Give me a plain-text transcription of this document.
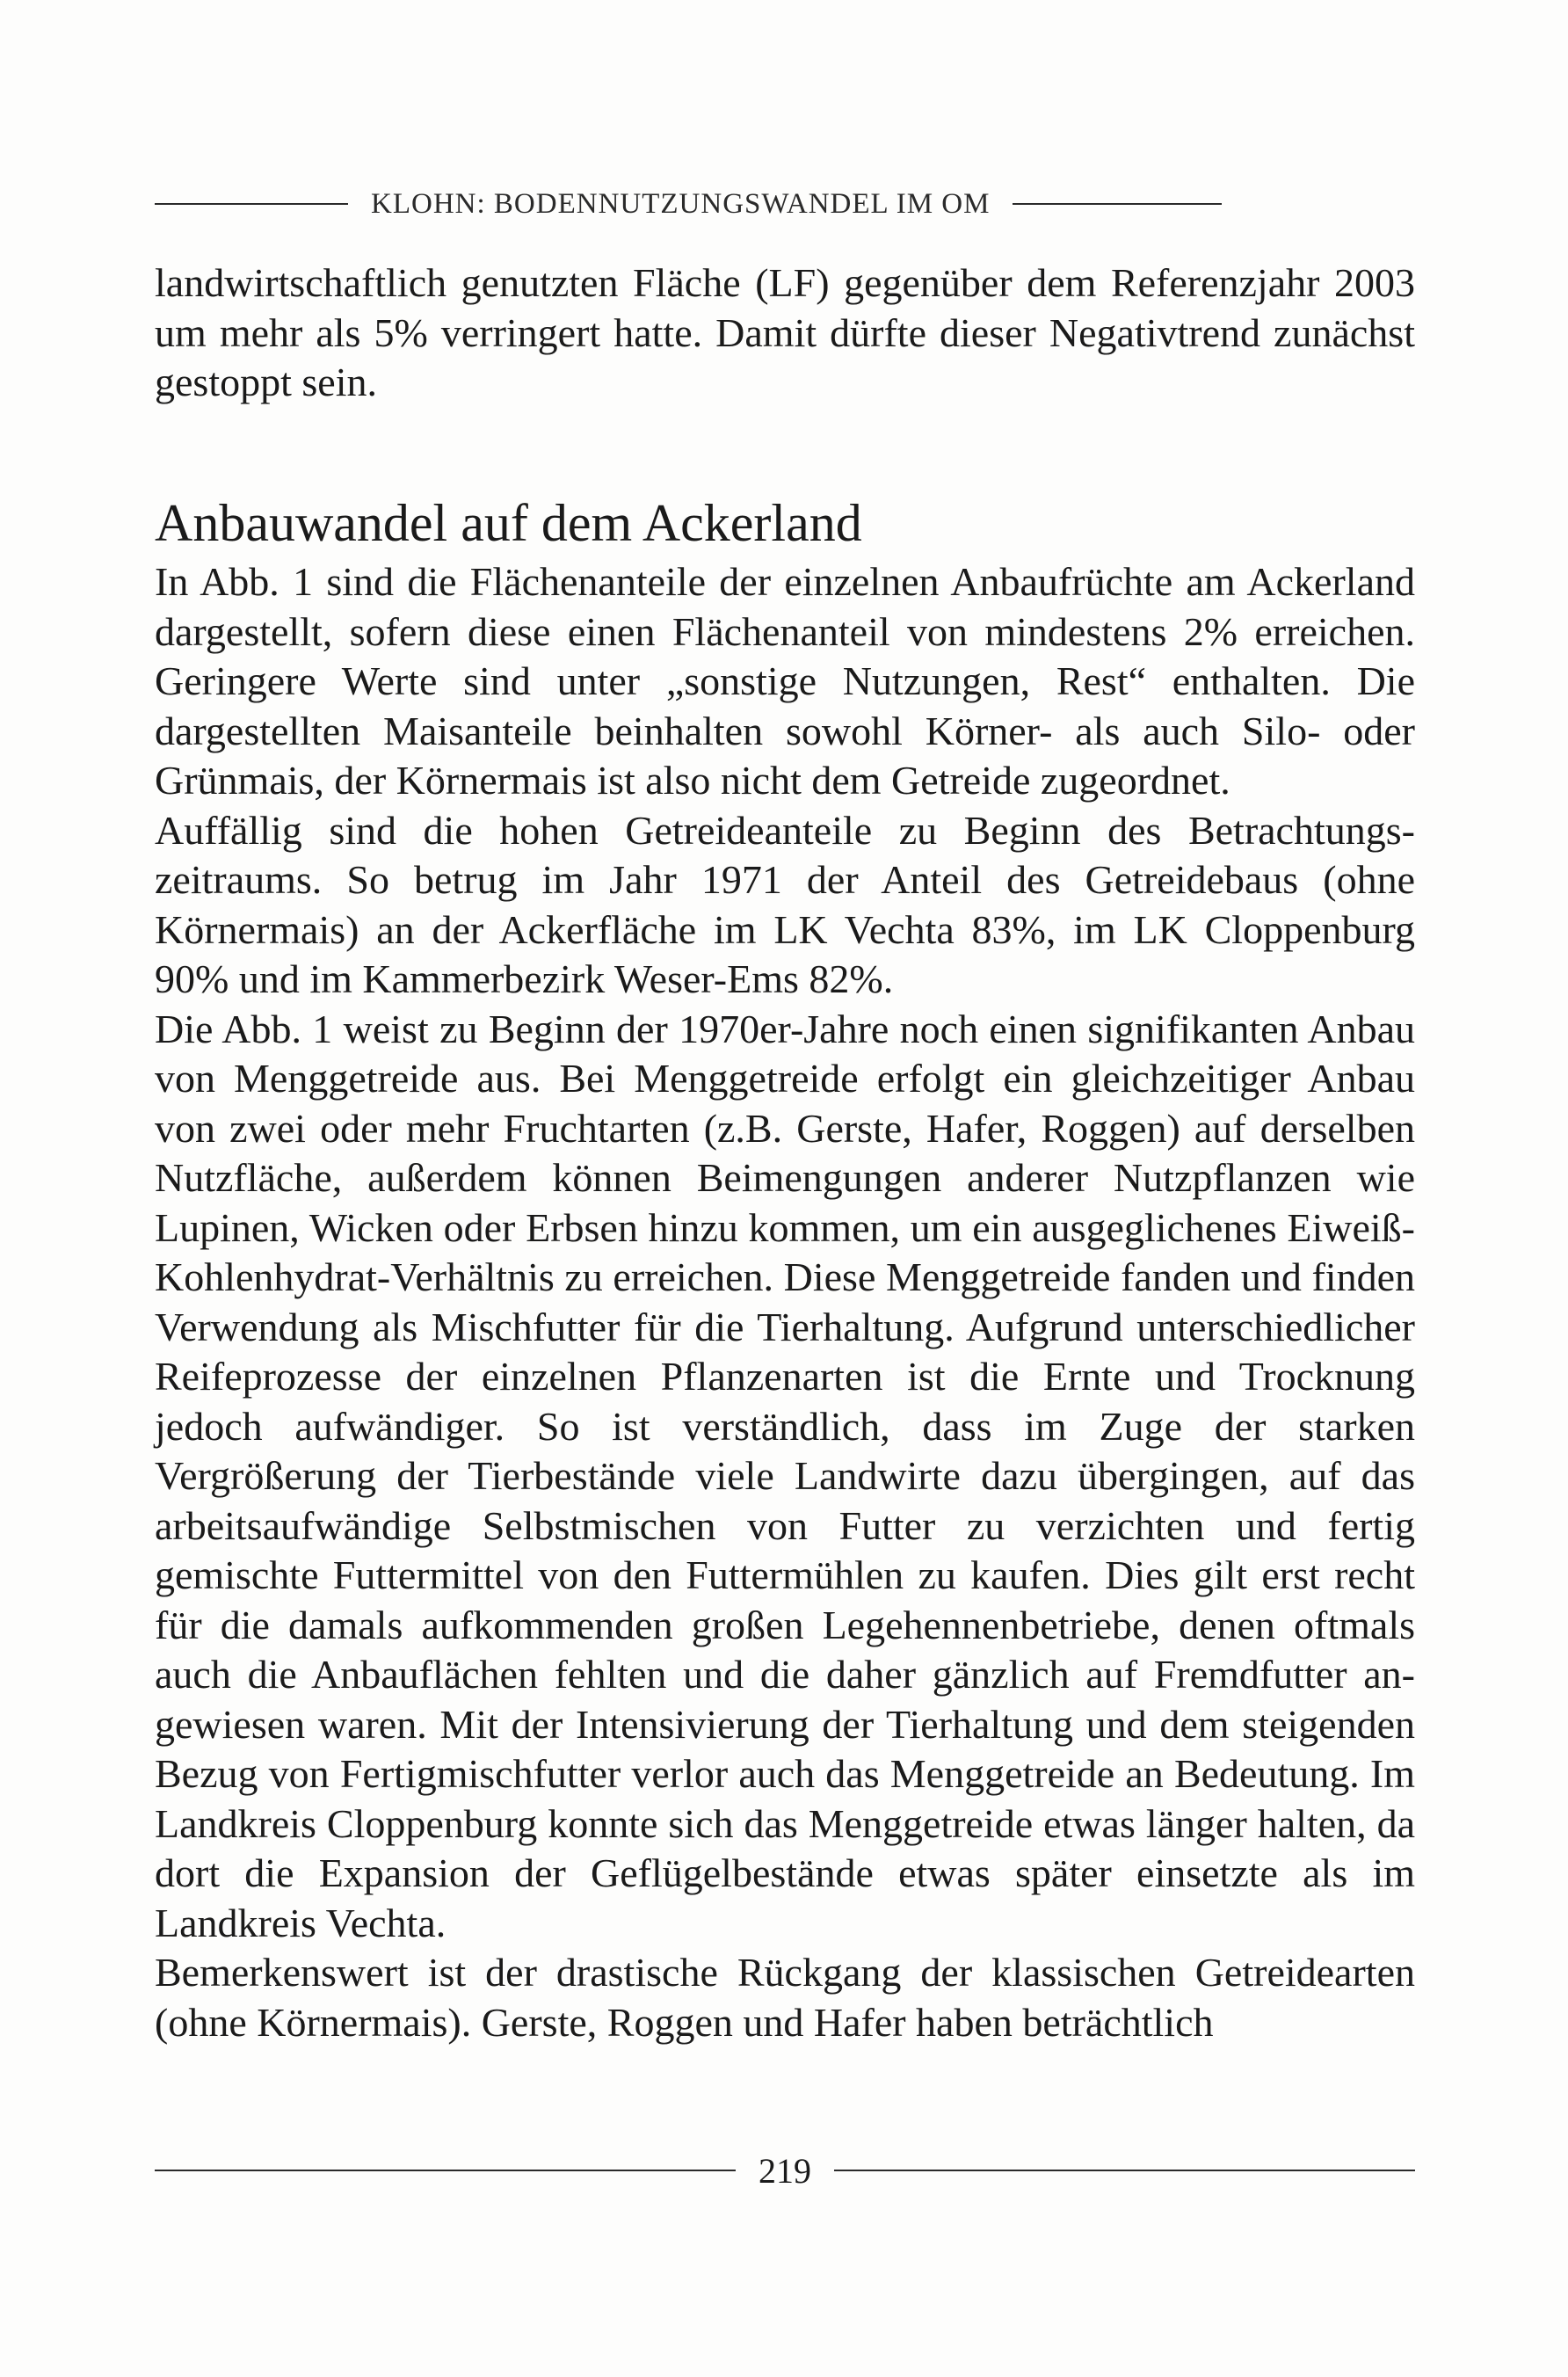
KLOHN: BODENNUTZUNGSWANDEL IM OM

landwirtschaftlich genutzten Fläche (LF) gegenüber dem Referenzjahr 2003 um mehr als 5% verringert hatte. Damit dürfte dieser Negativtrend zunächst gestoppt sein.

Anbauwandel auf dem Ackerland

In Abb. 1 sind die Flächenanteile der einzelnen Anbaufrüchte am Ackerland dargestellt, sofern diese einen Flächenanteil von mindestens 2% erreichen. Geringere Werte sind unter „sonstige Nutzungen, Rest“ enthalten. Die dargestellten Maisanteile beinhalten sowohl Körner- als auch Silo- oder Grünmais, der Körnermais ist also nicht dem Getreide zugeordnet.

Auffällig sind die hohen Getreideanteile zu Beginn des Betrachtungszeitraums. So betrug im Jahr 1971 der Anteil des Getreidebaus (ohne Körnermais) an der Ackerfläche im LK Vechta 83%, im LK Cloppenburg 90% und im Kammerbezirk Weser-Ems 82%.

Die Abb. 1 weist zu Beginn der 1970er-Jahre noch einen signifikanten Anbau von Menggetreide aus. Bei Menggetreide erfolgt ein gleichzeitiger Anbau von zwei oder mehr Fruchtarten (z.B. Gerste, Hafer, Roggen) auf derselben Nutzfläche, außerdem können Beimengungen anderer Nutzpflanzen wie Lupinen, Wicken oder Erbsen hinzu kommen, um ein ausgeglichenes Eiweiß-Kohlenhydrat-Verhältnis zu erreichen. Diese Menggetreide fanden und finden Verwendung als Mischfutter für die Tierhaltung. Aufgrund unterschiedlicher Reifeprozesse der einzelnen Pflanzenarten ist die Ernte und Trocknung jedoch aufwändiger. So ist verständlich, dass im Zuge der starken Vergrößerung der Tierbestände viele Landwirte dazu übergingen, auf das arbeitsaufwändige Selbstmischen von Futter zu verzichten und fertig gemischte Futtermittel von den Futtermühlen zu kaufen. Dies gilt erst recht für die damals aufkommenden großen Legehennenbetriebe, denen oftmals auch die Anbauflächen fehlten und die daher gänzlich auf Fremdfutter angewiesen waren. Mit der Intensivierung der Tierhaltung und dem steigenden Bezug von Fertigmischfutter verlor auch das Menggetreide an Bedeutung. Im Landkreis Cloppenburg konnte sich das Menggetreide etwas länger halten, da dort die Expansion der Geflügelbestände etwas später einsetzte als im Landkreis Vechta.

Bemerkenswert ist der drastische Rückgang der klassischen Getreidearten (ohne Körnermais). Gerste, Roggen und Hafer haben beträchtlich

219
